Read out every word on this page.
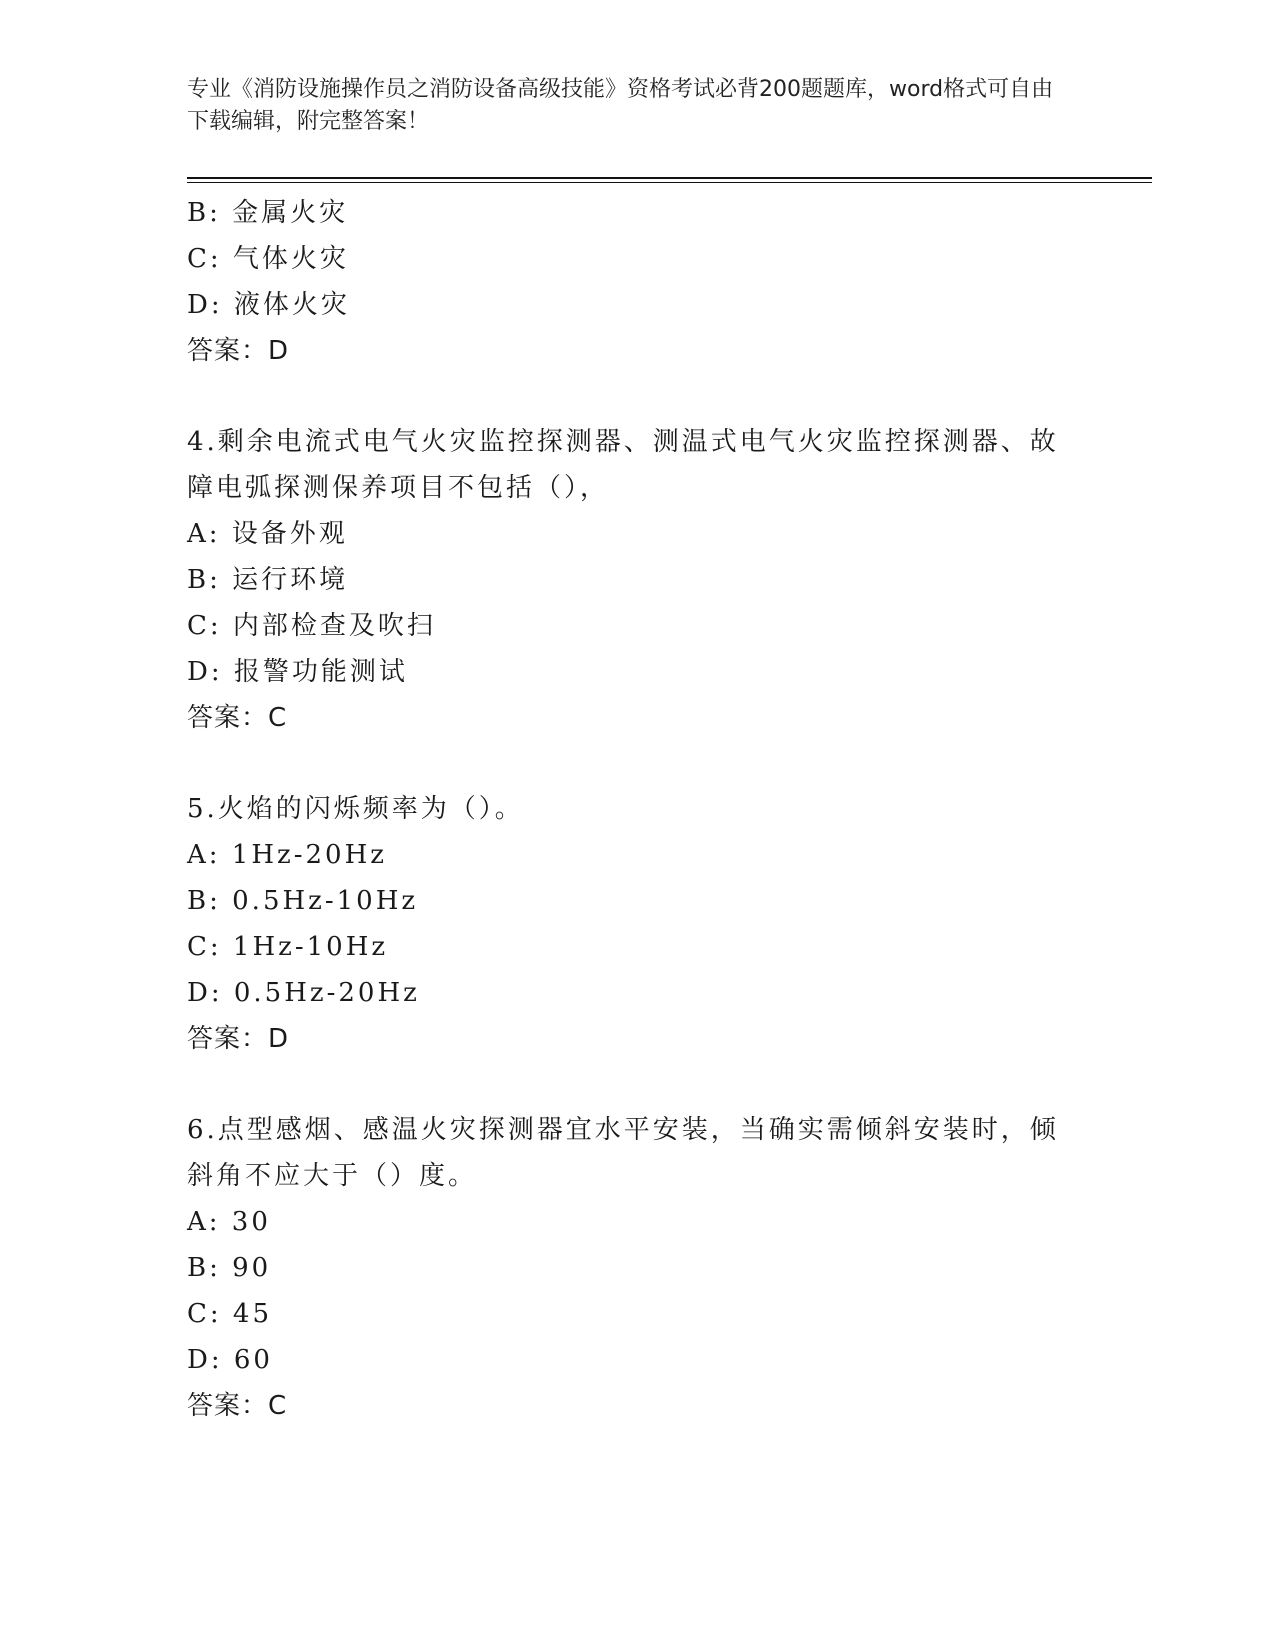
专业《消防设施操作员之消防设备高级技能》资格考试必背200题题库，word格式可自由下载编辑，附完整答案！
B: 金属火灾
C: 气体火灾
D: 液体火灾
答案：D
4.剩余电流式电气火灾监控探测器、测温式电气火灾监控探测器、故障电弧探测保养项目不包括（），
A: 设备外观
B: 运行环境
C: 内部检查及吹扫
D: 报警功能测试
答案：C
5.火焰的闪烁频率为（）。
A: 1Hz-20Hz
B: 0.5Hz-10Hz
C: 1Hz-10Hz
D: 0.5Hz-20Hz
答案：D
6.点型感烟、感温火灾探测器宜水平安装，当确实需倾斜安装时，倾斜角不应大于（）度。
A: 30
B: 90
C: 45
D: 60
答案：C
